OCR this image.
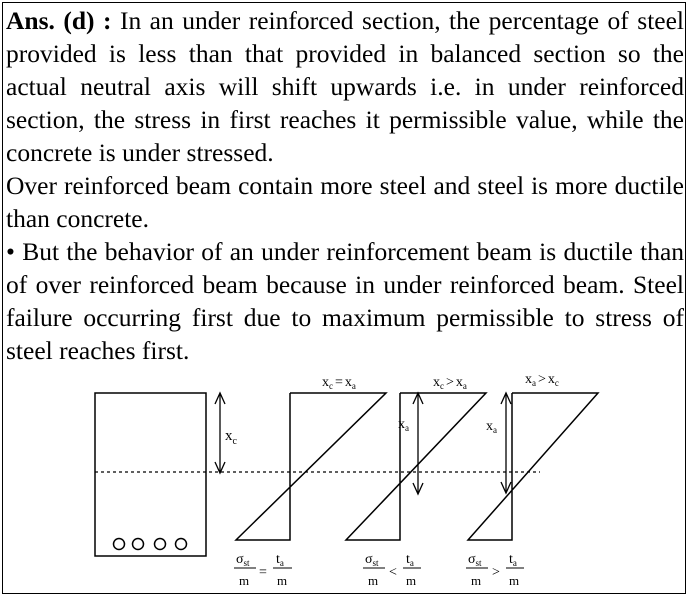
Ans. (d) : In an under reinforced section, the percentage of steel provided is less than that provided in balanced section so the actual neutral axis will shift upwards i.e. in under reinforced section, the stress in first reaches it permissible value, while the concrete is under stressed.

Over reinforced beam contain more steel and steel is more ductile than concrete.

• But the behavior of an under reinforcement beam is ductile than of over reinforced beam because in under reinforced beam. Steel failure occurring first due to maximum permissible to stress of steel reaches first.

$x_c$
$x_c = x_a$	$x_c > x_a$
$x_a$
$x_a > x_c$
$x_a$
$\sigma_{st}$
m
=
$t_a$
m
$\sigma_{st}$
m
<
$t_a$
m
$\sigma_{st}$
m
>
$t_a$
m
